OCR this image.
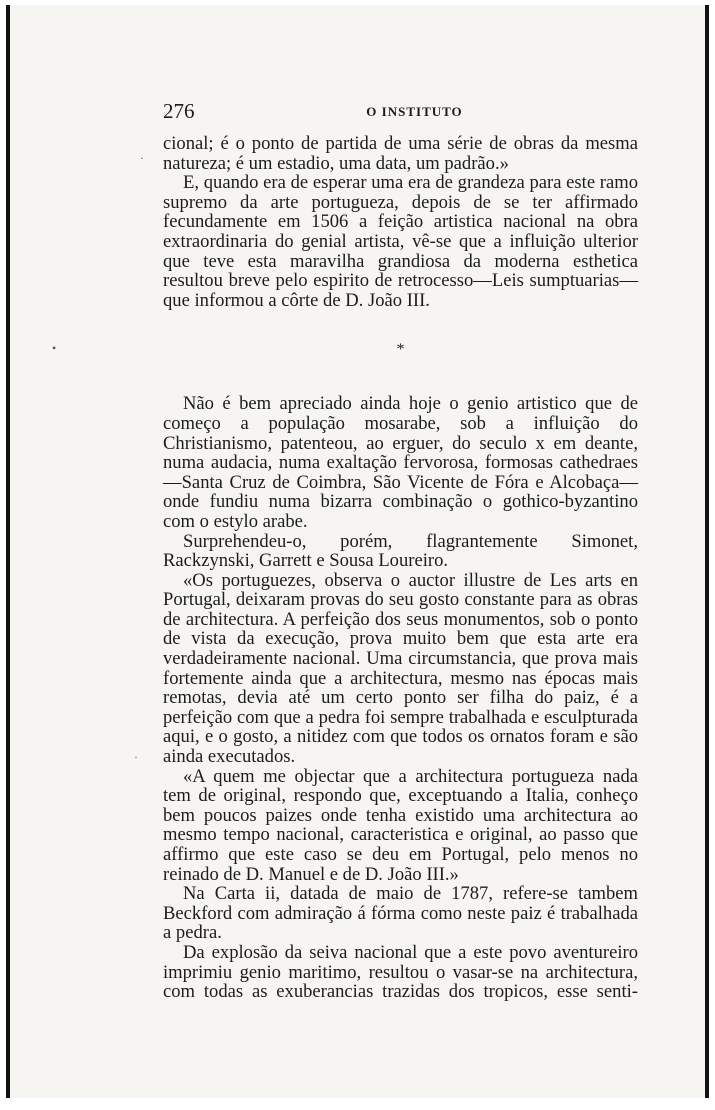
276	O INSTITUTO

cional; é o ponto de partida de uma série de obras da mesma natureza; é um estadio, uma data, um padrão.»

E, quando era de esperar uma era de grandeza para este ramo supremo da arte portugueza, depois de se ter affirmado fecundamente em 1506 a feição artistica nacional na obra extraordinaria do genial artista, vê-se que a influição ulterior que teve esta maravilha grandiosa da moderna esthetica resultou breve pelo espirito de retrocesso—Leis sumptuarias—que informou a côrte de D. João III.

*

Não é bem apreciado ainda hoje o genio artistico que de começo a população mosarabe, sob a influição do Christianismo, patenteou, ao erguer, do seculo x em deante, numa audacia, numa exaltação fervorosa, formosas cathedraes—Santa Cruz de Coimbra, São Vicente de Fóra e Alcobaça—onde fundiu numa bizarra combinação o gothico-byzantino com o estylo arabe.

Surprehendeu-o, porém, flagrantemente Simonet, Rackzynski, Garrett e Sousa Loureiro.

«Os portuguezes, observa o auctor illustre de Les arts en Portugal, deixaram provas do seu gosto constante para as obras de architectura. A perfeição dos seus monumentos, sob o ponto de vista da execução, prova muito bem que esta arte era verdadeiramente nacional. Uma circumstancia, que prova mais fortemente ainda que a architectura, mesmo nas épocas mais remotas, devia até um certo ponto ser filha do paiz, é a perfeição com que a pedra foi sempre trabalhada e esculpturada aqui, e o gosto, a nitidez com que todos os ornatos foram e são ainda executados.

«A quem me objectar que a architectura portugueza nada tem de original, respondo que, exceptuando a Italia, conheço bem poucos paizes onde tenha existido uma architectura ao mesmo tempo nacional, caracteristica e original, ao passo que affirmo que este caso se deu em Portugal, pelo menos no reinado de D. Manuel e de D. João III.»

Na Carta ii, datada de maio de 1787, refere-se tambem Beckford com admiração á fórma como neste paiz é trabalhada a pedra.

Da explosão da seiva nacional que a este povo aventureiro imprimiu genio maritimo, resultou o vasar-se na architectura, com todas as exuberancias trazidas dos tropicos, esse senti-

•
·
·
